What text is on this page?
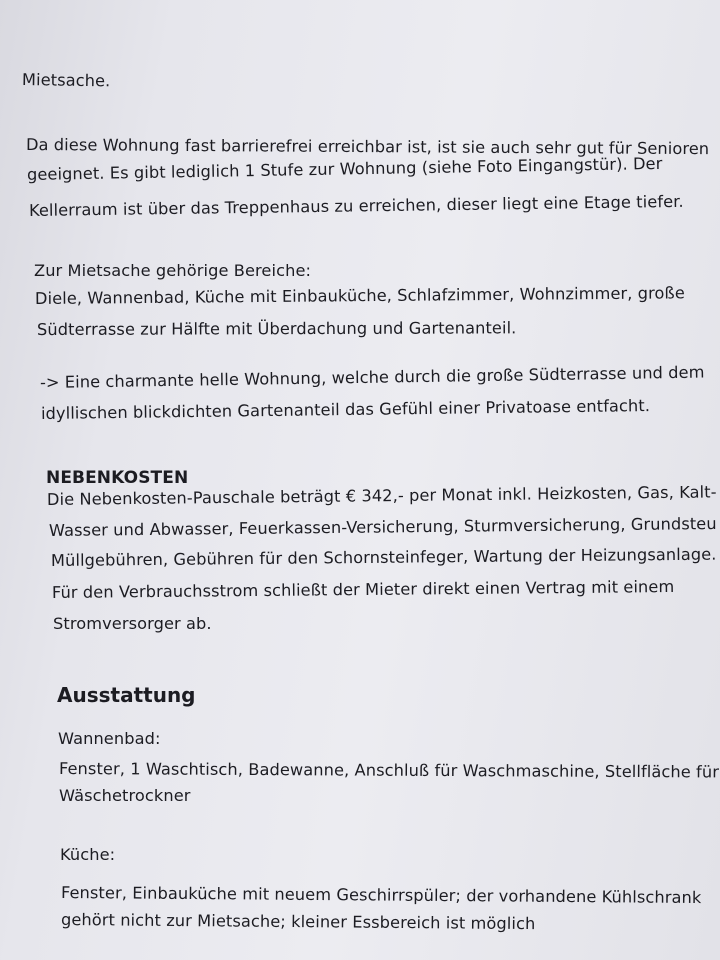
Mietsache.
Da diese Wohnung fast barrierefrei erreichbar ist, ist sie auch sehr gut für Senioren
geeignet. Es gibt lediglich 1 Stufe zur Wohnung (siehe Foto Eingangstür). Der
Kellerraum ist über das Treppenhaus zu erreichen, dieser liegt eine Etage tiefer.
Zur Mietsache gehörige Bereiche:
Diele, Wannenbad, Küche mit Einbauküche, Schlafzimmer, Wohnzimmer, große
Südterrasse zur Hälfte mit Überdachung und Gartenanteil.
-> Eine charmante helle Wohnung, welche durch die große Südterrasse und dem
idyllischen blickdichten Gartenanteil das Gefühl einer Privatoase entfacht.
NEBENKOSTEN
Die Nebenkosten-Pauschale beträgt € 342,- per Monat inkl. Heizkosten, Gas, Kalt-
Wasser und Abwasser, Feuerkassen-Versicherung, Sturmversicherung, Grundsteu
Müllgebühren, Gebühren für den Schornsteinfeger, Wartung der Heizungsanlage.
Für den Verbrauchsstrom schließt der Mieter direkt einen Vertrag mit einem
Stromversorger ab.
Ausstattung
Wannenbad:
Fenster, 1 Waschtisch, Badewanne, Anschluß für Waschmaschine, Stellfläche für
Wäschetrockner
Küche:
Fenster, Einbauküche mit neuem Geschirrspüler; der vorhandene Kühlschrank
gehört nicht zur Mietsache; kleiner Essbereich ist möglich
